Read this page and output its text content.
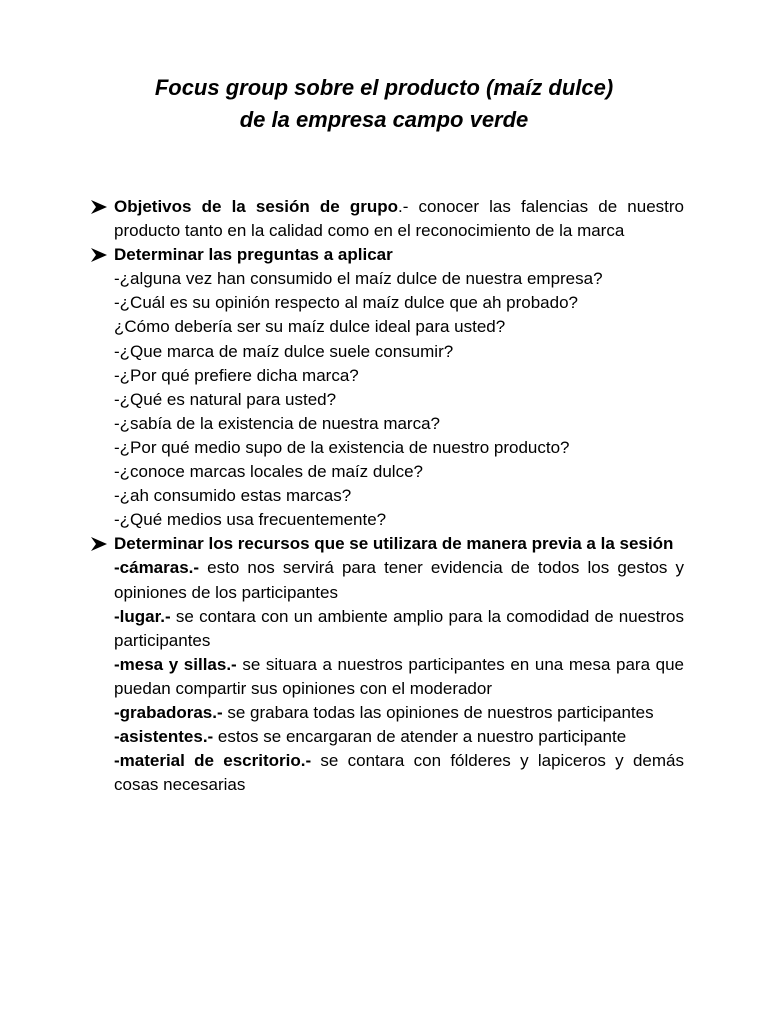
Focus group sobre el producto (maíz dulce)
de la empresa campo verde
Objetivos de la sesión de grupo.- conocer las falencias de nuestro producto tanto en la calidad como en el reconocimiento de la marca
Determinar las preguntas a aplicar
-¿alguna vez han consumido el maíz dulce de nuestra empresa?
-¿Cuál es su opinión respecto al maíz dulce que ah probado?
¿Cómo debería ser su maíz dulce ideal para usted?
-¿Que marca de maíz dulce suele consumir?
-¿Por qué prefiere dicha marca?
-¿Qué es natural para usted?
-¿sabía de la existencia de nuestra marca?
-¿Por qué medio supo de la existencia de nuestro producto?
-¿conoce marcas locales de maíz dulce?
-¿ah consumido estas marcas?
-¿Qué medios usa frecuentemente?
Determinar los recursos que se utilizara de manera previa a la sesión
-cámaras.- esto nos servirá para tener evidencia de todos los gestos y opiniones de los participantes
-lugar.- se contara con un ambiente amplio para la comodidad de nuestros participantes
-mesa y sillas.- se situara a nuestros participantes en una mesa para que puedan compartir sus opiniones con el moderador
-grabadoras.- se grabara todas las opiniones de nuestros participantes
-asistentes.- estos se encargaran de atender a nuestro participante
-material de escritorio.- se contara con fólderes y lapiceros y demás cosas necesarias
